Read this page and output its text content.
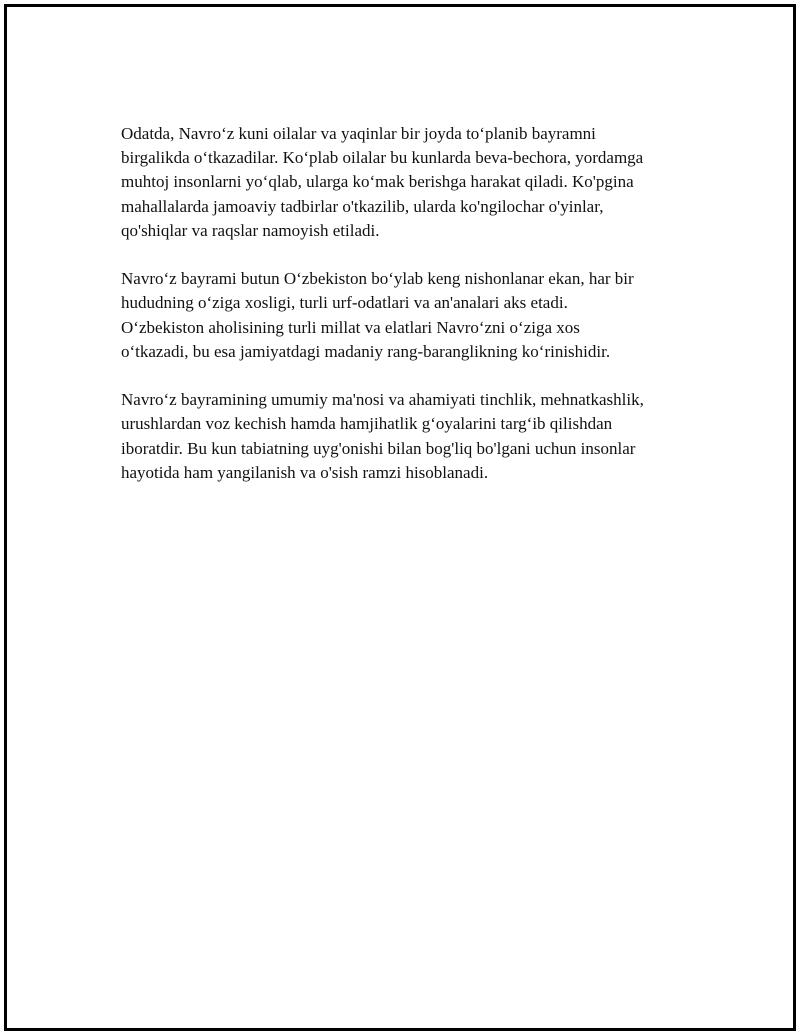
Odatda, Navro‘z kuni oilalar va yaqinlar bir joyda to‘planib bayramni
birgalikda o‘tkazadilar. Ko‘plab oilalar bu kunlarda beva-bechora, yordamga
muhtoj insonlarni yo‘qlab, ularga ko‘mak berishga harakat qiladi. Ko'pgina
mahallalarda jamoaviy tadbirlar o'tkazilib, ularda ko'ngilochar o'yinlar,
qo'shiqlar va raqslar namoyish etiladi.

Navro‘z bayrami butun O‘zbekiston bo‘ylab keng nishonlanar ekan, har bir
hududning o‘ziga xosligi, turli urf-odatlari va an'analari aks etadi.
O‘zbekiston aholisining turli millat va elatlari Navro‘zni o‘ziga xos
o‘tkazadi, bu esa jamiyatdagi madaniy rang-baranglikning ko‘rinishidir.

Navro‘z bayramining umumiy ma'nosi va ahamiyati tinchlik, mehnatkashlik,
urushlardan voz kechish hamda hamjihatlik g‘oyalarini targ‘ib qilishdan
iboratdir. Bu kun tabiatning uyg'onishi bilan bog'liq bo'lgani uchun insonlar
hayotida ham yangilanish va o'sish ramzi hisoblanadi.
